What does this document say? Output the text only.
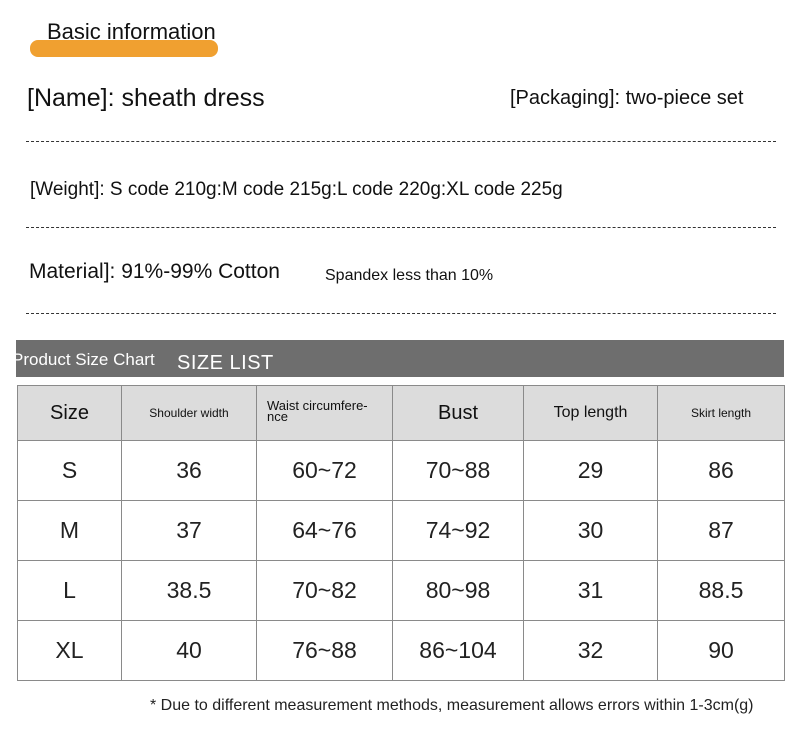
Basic information
[Name]: sheath dress	[Packaging]: two-piece set
[Weight]: S code 210g:M code 215g:L code 220g:XL code 225g
Material]: 91%-99% Cotton	Spandex less than 10%
Product Size Chart SIZE LIST
Size	Shoulder width	Waist circumfere- nce	Bust	Top length	Skirt length
S	36	60~72	70~88	29	86
M	37	64~76	74~92	30	87
L	38.5	70~82	80~98	31	88.5
XL	40	76~88	86~104	32	90
* Due to different measurement methods, measurement allows errors within 1-3cm(g)
